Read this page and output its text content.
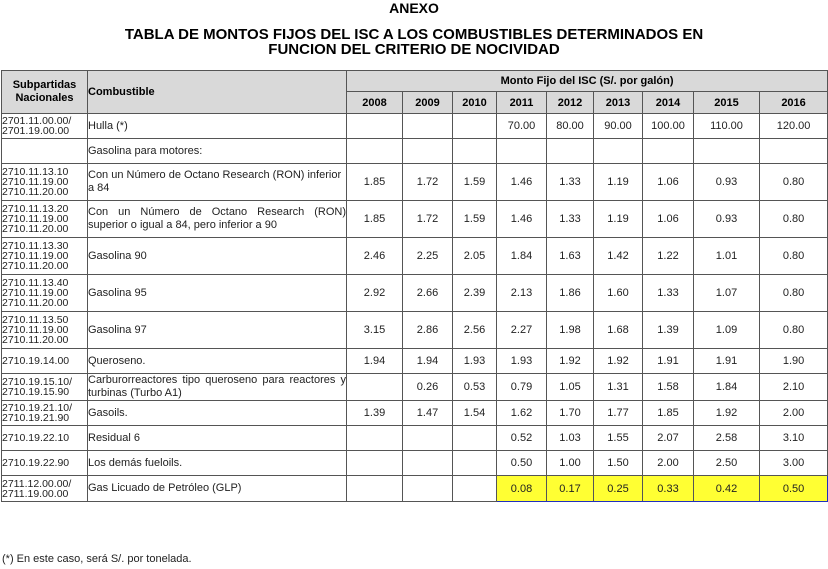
ANEXO
TABLA DE MONTOS FIJOS DEL ISC A LOS COMBUSTIBLES DETERMINADOS EN
FUNCION DEL CRITERIO DE NOCIVIDAD
Subpartidas Nacionales	Combustible	Monto Fijo del ISC (S/. por galón)								
		2008	2009	2010	2011	2012	2013	2014	2015	2016

2701.11.00.00/
2701.19.00.00	Hulla (*)				70.00	80.00	90.00	100.00	110.00	120.00

	Gasolina para motores:									

2710.11.13.10
2710.11.19.00
2710.11.20.00	Con un Número de Octano Research (RON) inferior a 84	1.85	1.72	1.59	1.46	1.33	1.19	1.06	0.93	0.80

2710.11.13.20
2710.11.19.00
2710.11.20.00	Con un Número de Octano Research (RON) superior o igual a 84, pero inferior a 90	1.85	1.72	1.59	1.46	1.33	1.19	1.06	0.93	0.80

2710.11.13.30
2710.11.19.00
2710.11.20.00	Gasolina 90	2.46	2.25	2.05	1.84	1.63	1.42	1.22	1.01	0.80

2710.11.13.40
2710.11.19.00
2710.11.20.00	Gasolina 95	2.92	2.66	2.39	2.13	1.86	1.60	1.33	1.07	0.80

2710.11.13.50
2710.11.19.00
2710.11.20.00	Gasolina 97	3.15	2.86	2.56	2.27	1.98	1.68	1.39	1.09	0.80

2710.19.14.00	Queroseno.	1.94	1.94	1.93	1.93	1.92	1.92	1.91	1.91	1.90

2710.19.15.10/
2710.19.15.90	Carburorreactores tipo queroseno para reactores y turbinas (Turbo A1)		0.26	0.53	0.79	1.05	1.31	1.58	1.84	2.10

2710.19.21.10/
2710.19.21.90	Gasoils.	1.39	1.47	1.54	1.62	1.70	1.77	1.85	1.92	2.00

2710.19.22.10	Residual 6				0.52	1.03	1.55	2.07	2.58	3.10

2710.19.22.90	Los demás fueloils.				0.50	1.00	1.50	2.00	2.50	3.00

2711.12.00.00/
2711.19.00.00	Gas Licuado de Petróleo (GLP)				0.08	0.17	0.25	0.33	0.42	0.50
(*) En este caso, será S/. por tonelada.
